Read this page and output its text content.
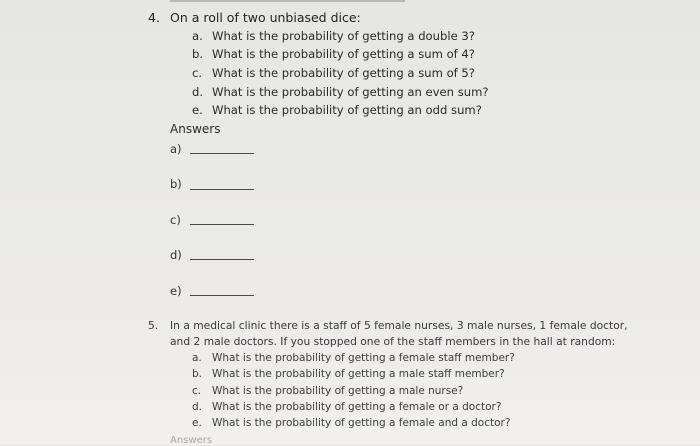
4. On a roll of two unbiased dice:
a. What is the probability of getting a double 3?
b. What is the probability of getting a sum of 4?
c. What is the probability of getting a sum of 5?
d. What is the probability of getting an even sum?
e. What is the probability of getting an odd sum?
Answers
a)
b)
c)
d)
e)
5. In a medical clinic there is a staff of 5 female nurses, 3 male nurses, 1 female doctor,
and 2 male doctors. If you stopped one of the staff members in the hall at random:
a. What is the probability of getting a female staff member?
b. What is the probability of getting a male staff member?
c. What is the probability of getting a male nurse?
d. What is the probability of getting a female or a doctor?
e. What is the probability of getting a female and a doctor?
Answers
